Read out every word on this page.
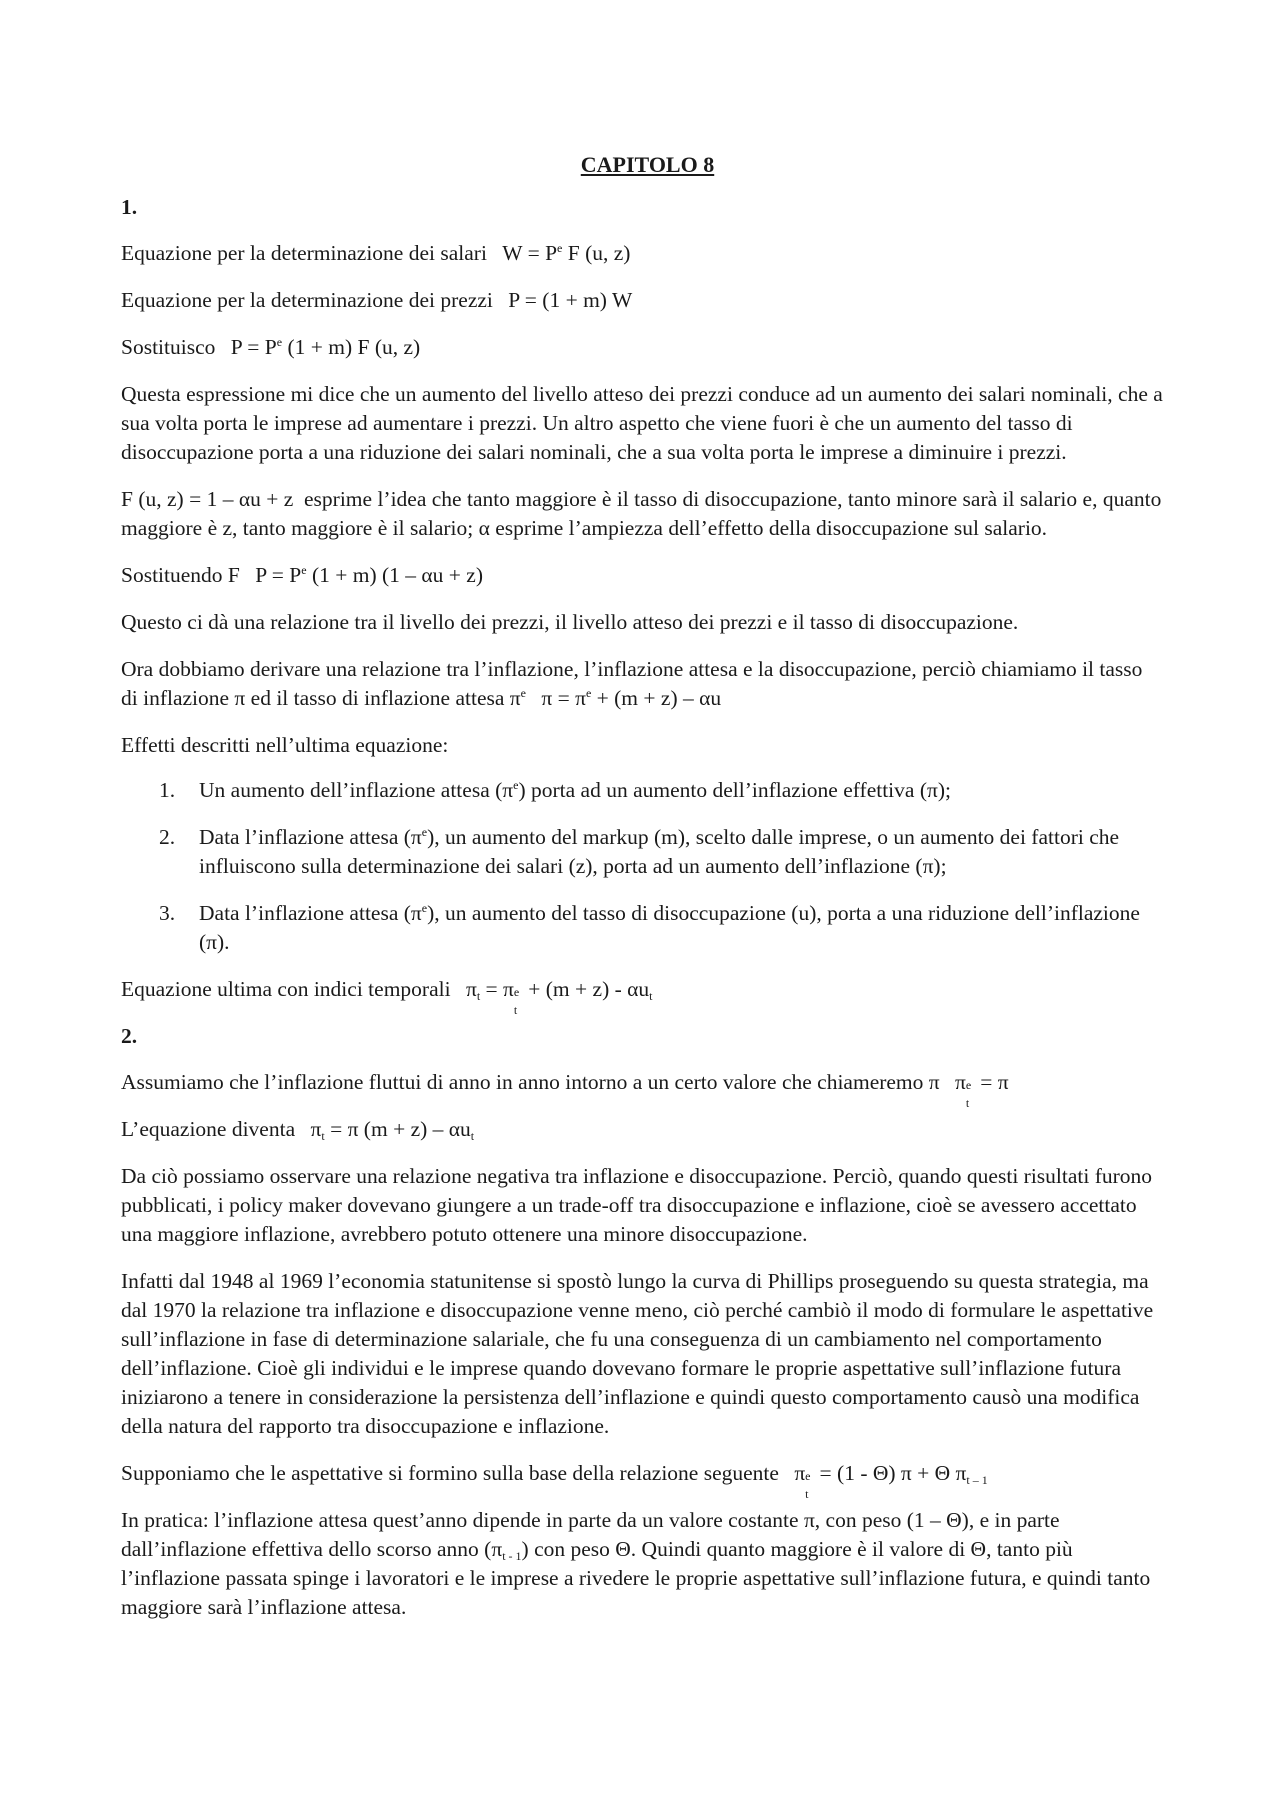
CAPITOLO 8
1.

Equazione per la determinazione dei salari $W = P^e$ F (u, z)

Equazione per la determinazione dei prezzi P = (1 + m) W

Sostituisco $P = P^e$ (1 + m) F (u, z)

Questa espressione mi dice che un aumento del livello atteso dei prezzi conduce ad un aumento dei salari nominali, che a sua volta porta le imprese ad aumentare i prezzi. Un altro aspetto che viene fuori è che un aumento del tasso di disoccupazione porta a una riduzione dei salari nominali, che a sua volta porta le imprese a diminuire i prezzi.

F (u, z) = 1 – αu + z esprime l’idea che tanto maggiore è il tasso di disoccupazione, tanto minore sarà il salario e, quanto maggiore è z, tanto maggiore è il salario; α esprime l’ampiezza dell’effetto della disoccupazione sul salario.

Sostituendo F $P = P^e$ (1 + m) (1 – αu + z)

Questo ci dà una relazione tra il livello dei prezzi, il livello atteso dei prezzi e il tasso di disoccupazione.

Ora dobbiamo derivare una relazione tra l’inflazione, l’inflazione attesa e la disoccupazione, perciò chiamiamo il tasso di inflazione π ed il tasso di inflazione attesa $\pi^e$ $\pi = \pi^e + (m + z) - \alpha u$

Effetti descritti nell’ultima equazione:

1. Un aumento dell’inflazione attesa $(\pi^e)$ porta ad un aumento dell’inflazione effettiva (π);
2. Data l’inflazione attesa $(\pi^e)$, un aumento del markup (m), scelto dalle imprese, o un aumento dei fattori che influiscono sulla determinazione dei salari (z), porta ad un aumento dell’inflazione (π);
3. Data l’inflazione attesa $(\pi^e)$, un aumento del tasso di disoccupazione (u), porta a una riduzione dell’inflazione (π).

Equazione ultima con indici temporali $\pi_t = \pi$ e
t
+ $(m + z) - \alpha u_t$

2.

Assumiamo che l’inflazione fluttui di anno in anno intorno a un certo valore che chiameremo π π e
t
= π

L’equazione diventa $\pi_t = \pi$ $(m + z) - \alpha u_t$

Da ciò possiamo osservare una relazione negativa tra inflazione e disoccupazione. Perciò, quando questi risultati furono pubblicati, i policy maker dovevano giungere a un trade-off tra disoccupazione e inflazione, cioè se avessero accettato una maggiore inflazione, avrebbero potuto ottenere una minore disoccupazione.

Infatti dal 1948 al 1969 l’economia statunitense si spostò lungo la curva di Phillips proseguendo su questa strategia, ma dal 1970 la relazione tra inflazione e disoccupazione venne meno, ciò perché cambiò il modo di formulare le aspettative sull’inflazione in fase di determinazione salariale, che fu una conseguenza di un cambiamento nel comportamento dell’inflazione. Cioè gli individui e le imprese quando dovevano formare le proprie aspettative sull’inflazione futura iniziarono a tenere in considerazione la persistenza dell’inflazione e quindi questo comportamento causò una modifica della natura del rapporto tra disoccupazione e inflazione.

Supponiamo che le aspettative si formino sulla base della relazione seguente π e
t
= (1 - Θ) π + Θ $\pi_{t - 1}$

In pratica: l’inflazione attesa quest’anno dipende in parte da un valore costante π, con peso (1 – Θ), e in parte dall’inflazione effettiva dello scorso anno $(\pi_{t - 1})$ con peso Θ. Quindi quanto maggiore è il valore di Θ, tanto più l’inflazione passata spinge i lavoratori e le imprese a rivedere le proprie aspettative sull’inflazione futura, e quindi tanto maggiore sarà l’inflazione attesa.
